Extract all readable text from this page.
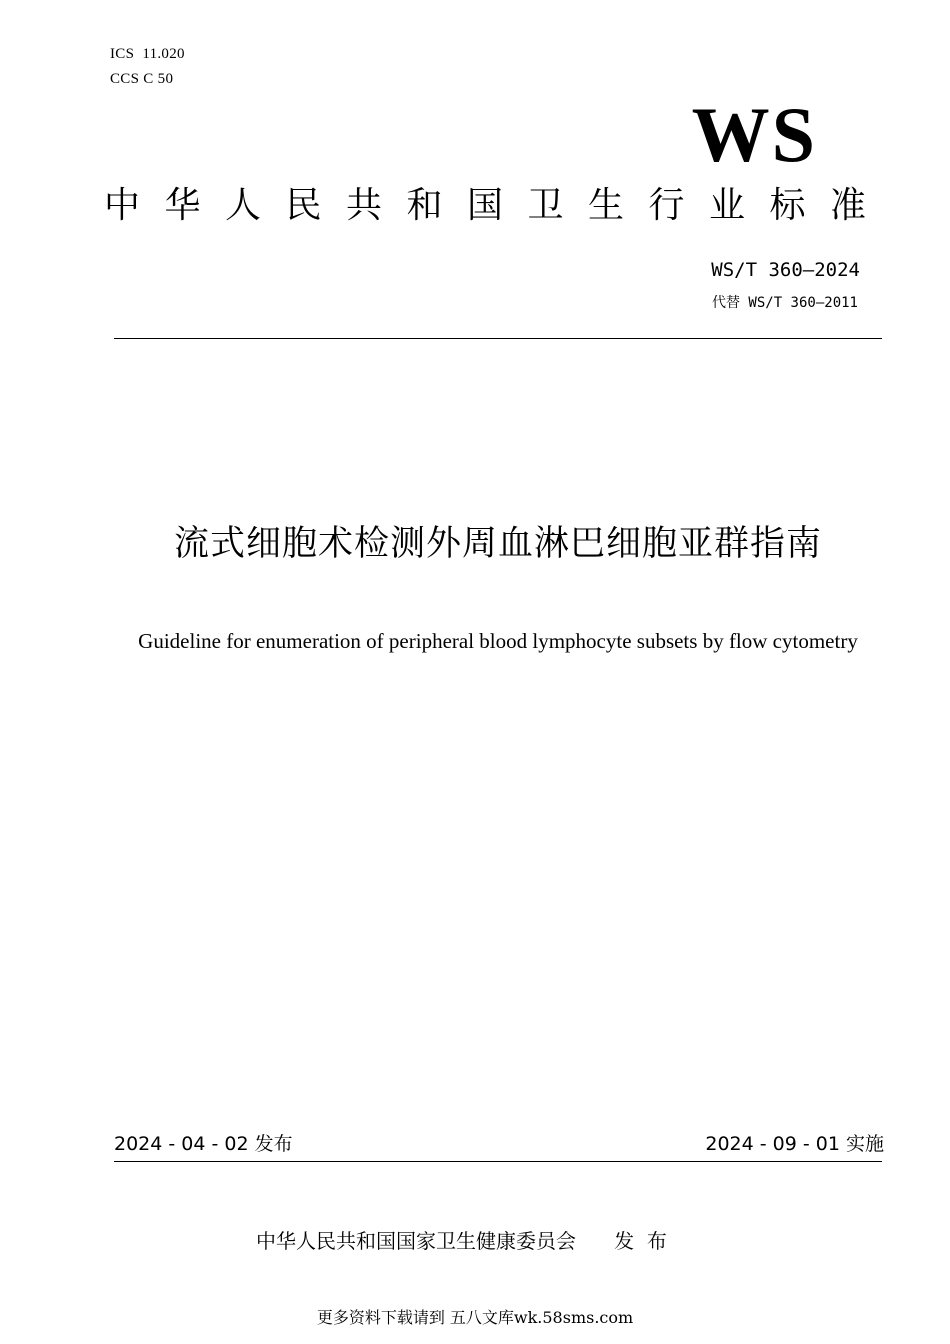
ICS  11.020
CCS C 50
WS
中华人民共和国卫生行业标准
WS/T 360—2024
代替 WS/T 360—2011
流式细胞术检测外周血淋巴细胞亚群指南
Guideline for enumeration of peripheral blood lymphocyte subsets by flow cytometry
2024 - 04 - 02 发布	2024 - 09 - 01 实施
中华人民共和国国家卫生健康委员会      发  布
更多资料下载请到 五八文库wk.58sms.com
